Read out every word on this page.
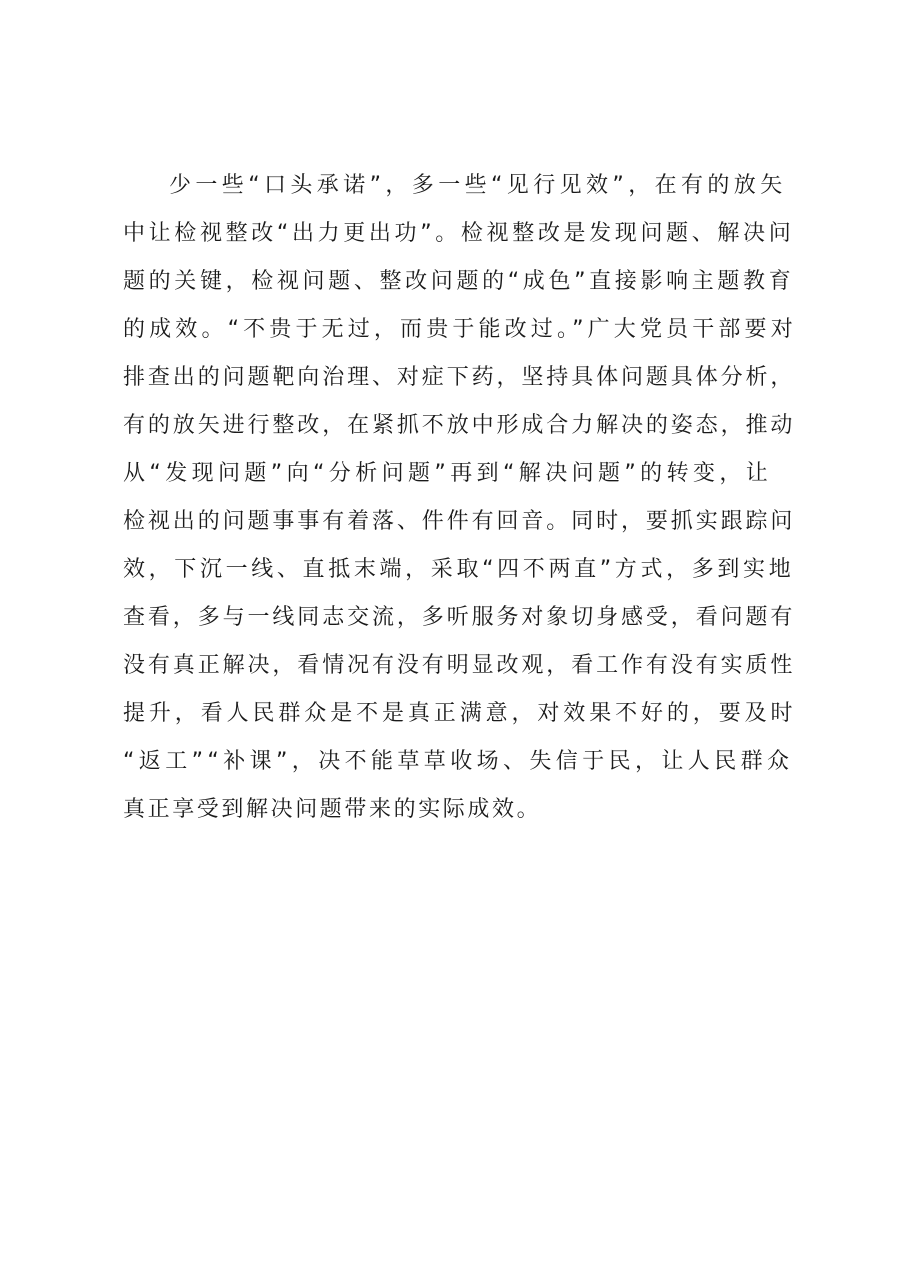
少一些“口头承诺”，多一些“见行见效”，在有的放矢
中让检视整改“出力更出功”。检视整改是发现问题、解决问
题的关键，检视问题、整改问题的“成色”直接影响主题教育
的成效。“不贵于无过，而贵于能改过。”广大党员干部要对
排查出的问题靶向治理、对症下药，坚持具体问题具体分析，
有的放矢进行整改，在紧抓不放中形成合力解决的姿态，推动
从“发现问题”向“分析问题”再到“解决问题”的转变，让
检视出的问题事事有着落、件件有回音。同时，要抓实跟踪问
效，下沉一线、直抵末端，采取“四不两直”方式，多到实地
查看，多与一线同志交流，多听服务对象切身感受，看问题有
没有真正解决，看情况有没有明显改观，看工作有没有实质性
提升，看人民群众是不是真正满意，对效果不好的，要及时
“返工”“补课”，决不能草草收场、失信于民，让人民群众
真正享受到解决问题带来的实际成效。
